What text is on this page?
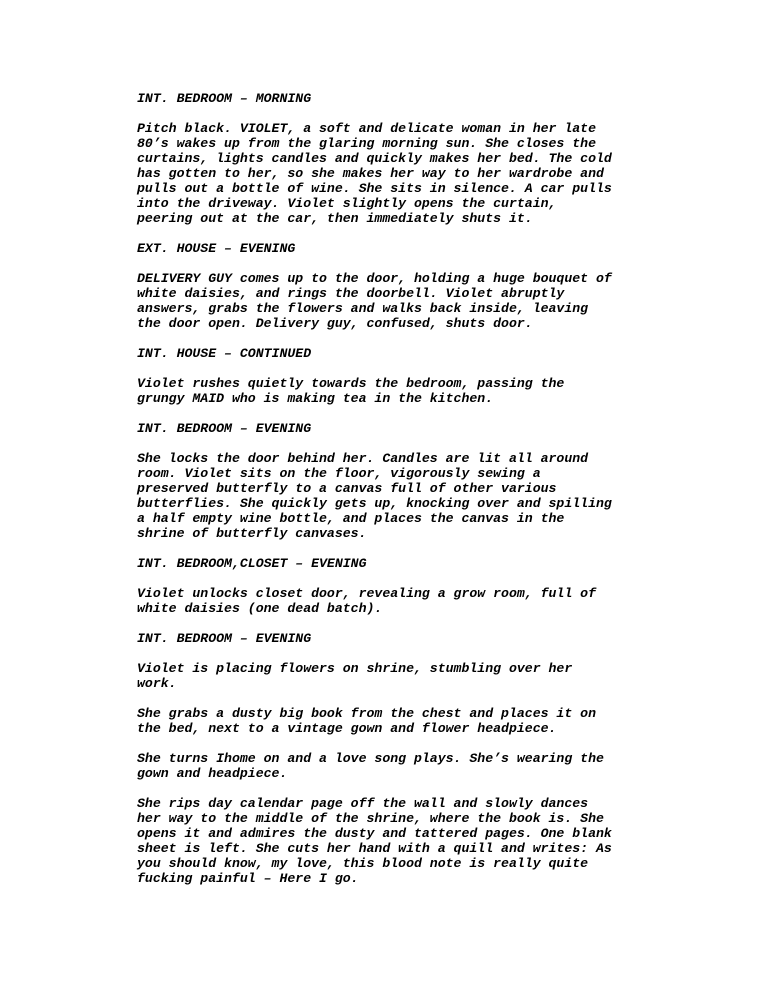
INT. BEDROOM – MORNING

Pitch black. VIOLET, a soft and delicate woman in her late
80’s wakes up from the glaring morning sun. She closes the
curtains, lights candles and quickly makes her bed. The cold
has gotten to her, so she makes her way to her wardrobe and
pulls out a bottle of wine. She sits in silence. A car pulls
into the driveway. Violet slightly opens the curtain,
peering out at the car, then immediately shuts it.

EXT. HOUSE – EVENING

DELIVERY GUY comes up to the door, holding a huge bouquet of
white daisies, and rings the doorbell. Violet abruptly
answers, grabs the flowers and walks back inside, leaving
the door open. Delivery guy, confused, shuts door.

INT. HOUSE – CONTINUED

Violet rushes quietly towards the bedroom, passing the
grungy MAID who is making tea in the kitchen.

INT. BEDROOM – EVENING

She locks the door behind her. Candles are lit all around
room. Violet sits on the floor, vigorously sewing a
preserved butterfly to a canvas full of other various
butterflies. She quickly gets up, knocking over and spilling
a half empty wine bottle, and places the canvas in the
shrine of butterfly canvases.

INT. BEDROOM,CLOSET – EVENING

Violet unlocks closet door, revealing a grow room, full of
white daisies (one dead batch).

INT. BEDROOM – EVENING

Violet is placing flowers on shrine, stumbling over her
work.

She grabs a dusty big book from the chest and places it on
the bed, next to a vintage gown and flower headpiece.

She turns Ihome on and a love song plays. She’s wearing the
gown and headpiece.

She rips day calendar page off the wall and slowly dances
her way to the middle of the shrine, where the book is. She
opens it and admires the dusty and tattered pages. One blank
sheet is left. She cuts her hand with a quill and writes: As
you should know, my love, this blood note is really quite
fucking painful – Here I go.
